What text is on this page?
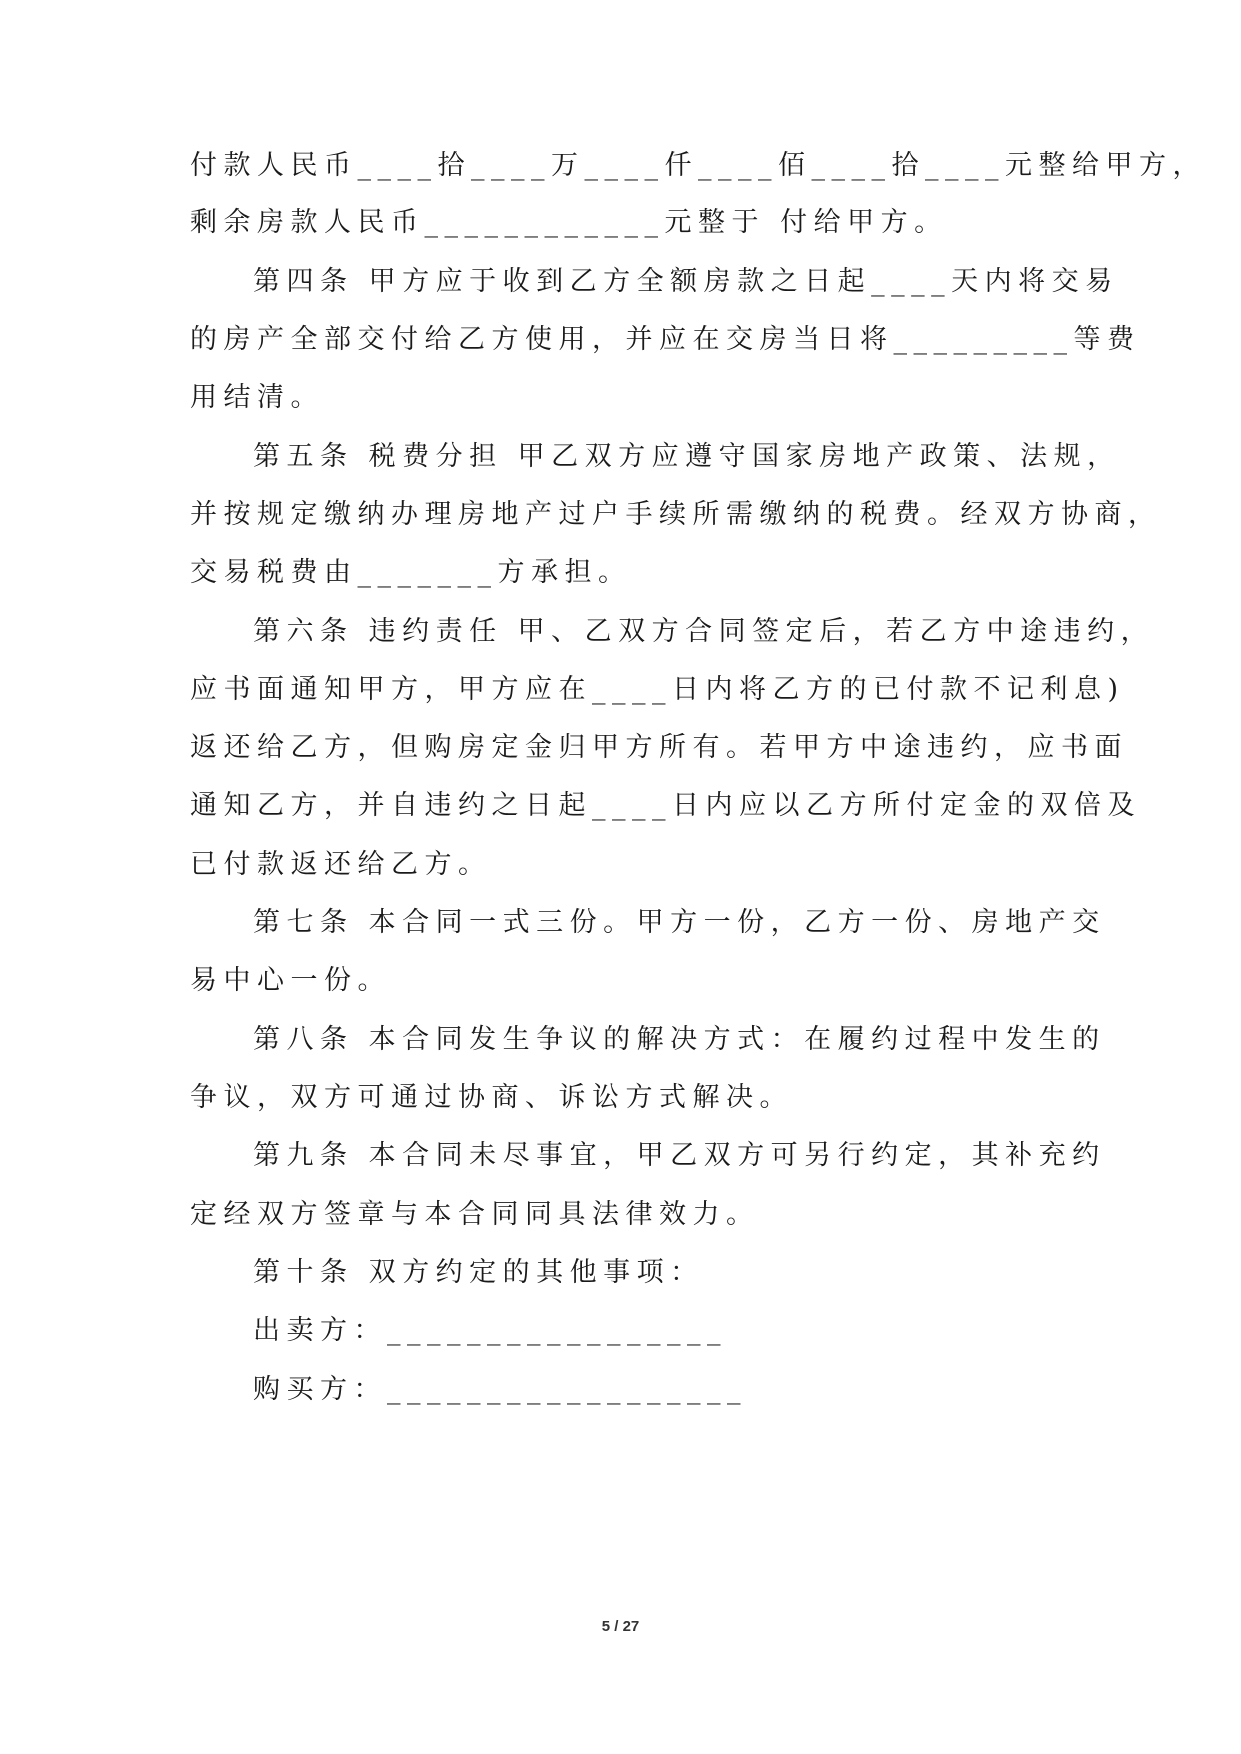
付款人民币____拾____万____仟____佰____拾____元整给甲方，
剩余房款人民币____________元整于 付给甲方。
第四条 甲方应于收到乙方全额房款之日起____天内将交易
的房产全部交付给乙方使用，并应在交房当日将_________等费
用结清。
第五条 税费分担 甲乙双方应遵守国家房地产政策、法规，
并按规定缴纳办理房地产过户手续所需缴纳的税费。经双方协商，
交易税费由_______方承担。
第六条 违约责任 甲、乙双方合同签定后，若乙方中途违约，
应书面通知甲方，甲方应在____日内将乙方的已付款不记利息)
返还给乙方，但购房定金归甲方所有。若甲方中途违约，应书面
通知乙方，并自违约之日起____日内应以乙方所付定金的双倍及
已付款返还给乙方。
第七条 本合同一式三份。甲方一份，乙方一份、房地产交
易中心一份。
第八条 本合同发生争议的解决方式：在履约过程中发生的
争议，双方可通过协商、诉讼方式解决。
第九条 本合同未尽事宜，甲乙双方可另行约定，其补充约
定经双方签章与本合同同具法律效力。
第十条 双方约定的其他事项：
出卖方：_________________
购买方：__________________
5 / 27
